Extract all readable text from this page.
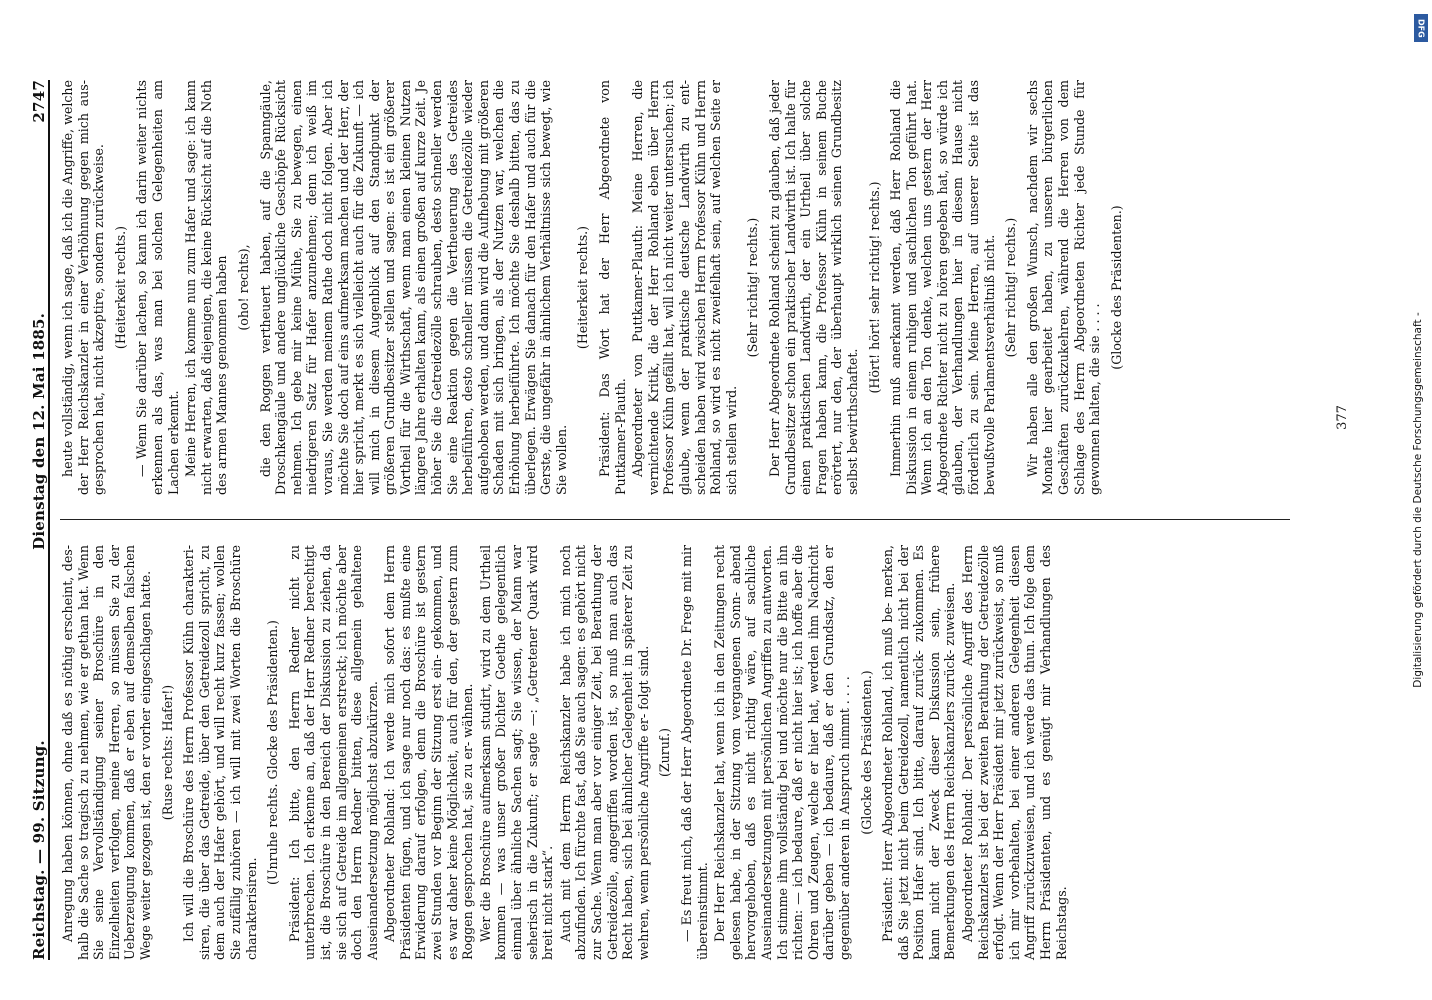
Reichstag. — 99. Sitzung.
Dienstag den 12. Mai 1885.
2747

Anregung haben können, ohne daß es nöthig erscheint, des- halb die Sache so tragisch zu nehmen, wie er gethan hat. Wenn Sie seine Vervollständigung seiner Broschüre in den Einzelheiten verfolgen, meine Herren, so müssen Sie zu der Ueberzeugung kommen, daß er eben auf demselben falschen Wege weiter gezogen ist, den er vorher eingeschlagen hatte. (Ruse rechts: Hafer!) Ich will die Broschüre des Herrn Professor Kühn charakteri- siren, die über das Getreide, über den Getreidezoll spricht, zu dem auch der Hafer gehört, und will recht kurz fassen; wollen Sie zufällig zuhören — ich will mit zwei Worten die Broschüre charakterisiren.

(Unruhe rechts. Glocke des Präsidenten.) Präsident: Ich bitte, den Herrn Redner nicht zu unterbrechen. Ich erkenne an, daß der Herr Redner berechtigt ist, die Broschüre in den Bereich der Diskussion zu ziehen, da sie sich auf Getreide im allgemeinen erstreckt; ich möchte aber doch den Herrn Redner bitten, diese allgemein gehaltene Auseinandersetzung möglichst abzukürzen. Abgeordneter Rohland: Ich werde mich sofort dem Herrn Präsidenten fügen, und ich sage nur noch das: es mußte eine Erwiderung darauf erfolgen, denn die Broschüre ist gestern zwei Stunden vor Beginn der Sitzung erst ein- gekommen, und es war daher keine Möglichkeit, auch für den, der gestern zum Roggen gesprochen hat, sie zu er- wähnen. Wer die Broschüre aufmerksam studirt, wird zu dem Urtheil kommen — was unser großer Dichter Goethe gelegentlich einmal über ähnliche Sachen sagt; Sie wissen, der Mann war seherisch in die Zukunft; er sagte —: „Getretener Quark wird breit nicht stark“. Auch mit dem Herrn Reichskanzler habe ich mich noch abzufinden. Ich fürchte fast, daß Sie auch sagen: es gehört nicht zur Sache. Wenn man aber vor einiger Zeit, bei Berathung der Getreidezölle, angegriffen worden ist, so muß man auch das Recht haben, sich bei ähnlicher Gelegenheit in späterer Zeit zu wehren, wenn persönliche Angriffe er- folgt sind. (Zuruf.) — Es freut mich, daß der Herr Abgeordnete Dr. Frege mit mir übereinstimmt. Der Herr Reichskanzler hat, wenn ich in den Zeitungen recht gelesen habe, in der Sitzung vom vergangenen Sonn- abend hervorgehoben, daß es nicht richtig wäre, auf sachliche Auseinandersetzungen mit persönlichen Angriffen zu antworten. Ich stimme ihm vollständig bei und möchte nur die Bitte an ihn richten: — ich bedaure, daß er nicht hier ist; ich hoffe aber die Ohren und Zeugen, welche er hier hat, werden ihm Nachricht darüber geben — ich bedaure, daß er den Grundsatz, den er gegenüber anderen in Anspruch nimmt . . . . (Glocke des Präsidenten.) Präsident: Herr Abgeordneter Rohland, ich muß be- merken, daß Sie jetzt nicht beim Getreidezoll, namentlich nicht bei der Position Hafer sind. Ich bitte, darauf zurück- zukommen. Es kann nicht der Zweck dieser Diskussion sein, frühere Bemerkungen des Herrn Reichskanzlers zurück- zuweisen. Abgeordneter Rohland: Der persönliche Angriff des Herrn Reichskanzlers ist bei der zweiten Berathung der Getreidezölle erfolgt. Wenn der Herr Präsident mir jetzt zurückweist, so muß ich mir vorbehalten, bei einer anderen Gelegenheit diesen Angriff zurückzuweisen, und ich werde das thun. Ich folge dem Herrn Präsidenten, und es genügt mir Verhandlungen des Reichstags.

heute vollständig, wenn ich sage, daß ich die Angriffe, welche der Herr Reichskanzler in einer Verhöhnung gegen mich aus- gesprochen hat, nicht akzeptire, sondern zurückweise. (Heiterkeit rechts.) — Wenn Sie darüber lachen, so kann ich darin weiter nichts erkennen als das, was man bei solchen Gelegenheiten am Lachen erkennt. Meine Herren, ich komme nun zum Hafer und sage: ich kann nicht erwarten, daß diejenigen, die keine Rücksicht auf die Noth des armen Mannes genommen haben (oho! rechts), die den Roggen vertheuert haben, auf die Spanngäule, Droschkengäule und andere unglückliche Geschöpfe Rücksicht nehmen. Ich gebe mir keine Mühe, Sie zu bewegen, einen niedrigeren Satz für Hafer anzunehmen; denn ich weiß im voraus, Sie werden meinem Rathe doch nicht folgen. Aber ich möchte Sie doch auf eins aufmerksam machen und der Herr, der hier spricht, merkt es sich vielleicht auch für die Zukunft — ich will mich in diesem Augenblick auf den Standpunkt der größeren Grundbesitzer stellen und sagen: es ist ein größerer Vortheil für die Wirthschaft, wenn man einen kleinen Nutzen längere Jahre erhalten kann, als einen großen auf kurze Zeit. Je höher Sie die Getreidezölle schrauben, desto schneller werden Sie eine Reaktion gegen die Vertheuerung des Getreides herbeiführen, desto schneller müssen die Getreidezölle wieder aufgehoben werden, und dann wird die Aufhebung mit größeren Schaden mit sich bringen, als der Nutzen war, welchen die Erhöhung herbeiführte. Ich möchte Sie deshalb bitten, das zu überlegen. Erwägen Sie danach für den Hafer und auch für die Gerste, die ungefähr in ähnlichem Verhältnisse sich bewegt, wie Sie wollen.

(Heiterkeit rechts.) Präsident: Das Wort hat der Herr Abgeordnete von Puttkamer-Plauth. Abgeordneter von Puttkamer-Plauth: Meine Herren, die vernichtende Kritik, die der Herr Rohland eben über Herrn Professor Kühn gefällt hat, will ich nicht weiter untersuchen; ich glaube, wenn der praktische deutsche Landwirth zu ent- scheiden haben wird zwischen Herrn Professor Kühn und Herrn Rohland, so wird es nicht zweifelhaft sein, auf welchen Seite er sich stellen wird.

(Sehr richtig! rechts.) Der Herr Abgeordnete Rohland scheint zu glauben, daß jeder Grundbesitzer schon ein praktischer Landwirth ist. Ich halte für einen praktischen Landwirth, der ein Urtheil über solche Fragen haben kann, die Professor Kühn in seinem Buche erörtert, nur den, der überhaupt wirklich seinen Grundbesitz selbst bewirthschaftet.

(Hört! hört! sehr richtig! rechts.) Immerhin muß anerkannt werden, daß Herr Rohland die Diskussion in einem ruhigen und sachlichen Ton geführt hat. Wenn ich an den Ton denke, welchen uns gestern der Herr Abgeordnete Richter nicht zu hören gegeben hat, so würde ich glauben, der Verhandlungen hier in diesem Hause nicht förderlich zu sein. Meine Herren, auf unserer Seite ist das bewußtvolle Parlamentsverhältniß nicht. (Sehr richtig! rechts.) Wir haben alle den großen Wunsch, nachdem wir sechs Monate hier gearbeitet haben, zu unseren bürgerlichen Geschäften zurückzukehren, während die Herren von dem Schlage des Herrn Abgeordneten Richter jede Stunde für gewonnen halten, die sie . . . .

(Glocke des Präsidenten.)

377	Digitalisierung gefördert durch die Deutsche Forschungsgemeinschaft -
DFG
